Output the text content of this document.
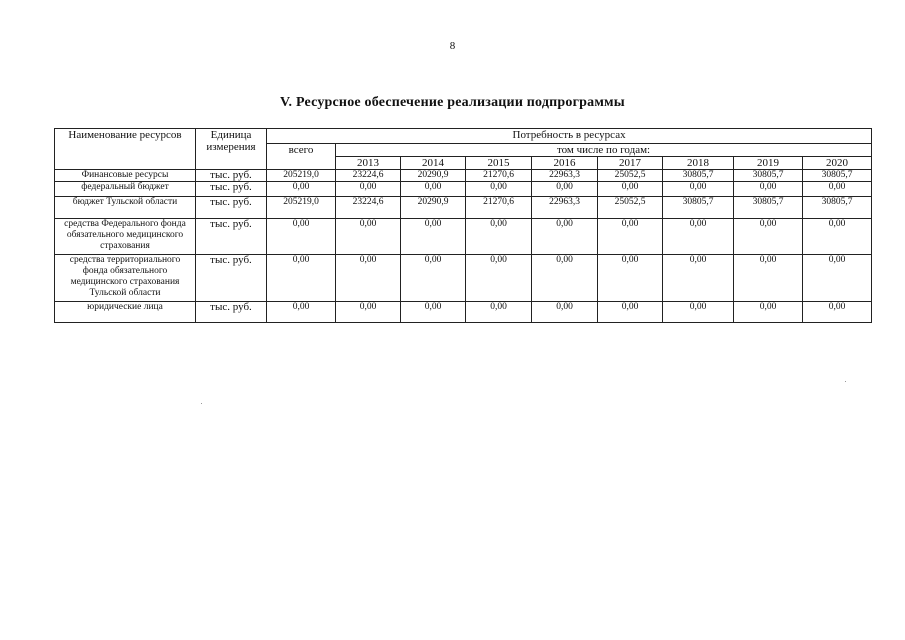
8
V. Ресурсное обеспечение реализации подпрограммы
Наименование ресурсов	Единица измерения	Потребность в ресурсах								
		всего	том числе по годам:							
			2013	2014	2015	2016	2017	2018	2019	2020
Финансовые ресурсы	тыс. руб.	205219,0	23224,6	20290,9	21270,6	22963,3	25052,5	30805,7	30805,7	30805,7
федеральный бюджет	тыс. руб.	0,00	0,00	0,00	0,00	0,00	0,00	0,00	0,00	0,00
бюджет Тульской области	тыс. руб.	205219,0	23224,6	20290,9	21270,6	22963,3	25052,5	30805,7	30805,7	30805,7
средства Федерального фонда обязательного медицинского страхования	тыс. руб.	0,00	0,00	0,00	0,00	0,00	0,00	0,00	0,00	0,00
средства территориального фонда обязательного медицинского страхования Тульской области	тыс. руб.	0,00	0,00	0,00	0,00	0,00	0,00	0,00	0,00	0,00
юридические лица	тыс. руб.	0,00	0,00	0,00	0,00	0,00	0,00	0,00	0,00	0,00
